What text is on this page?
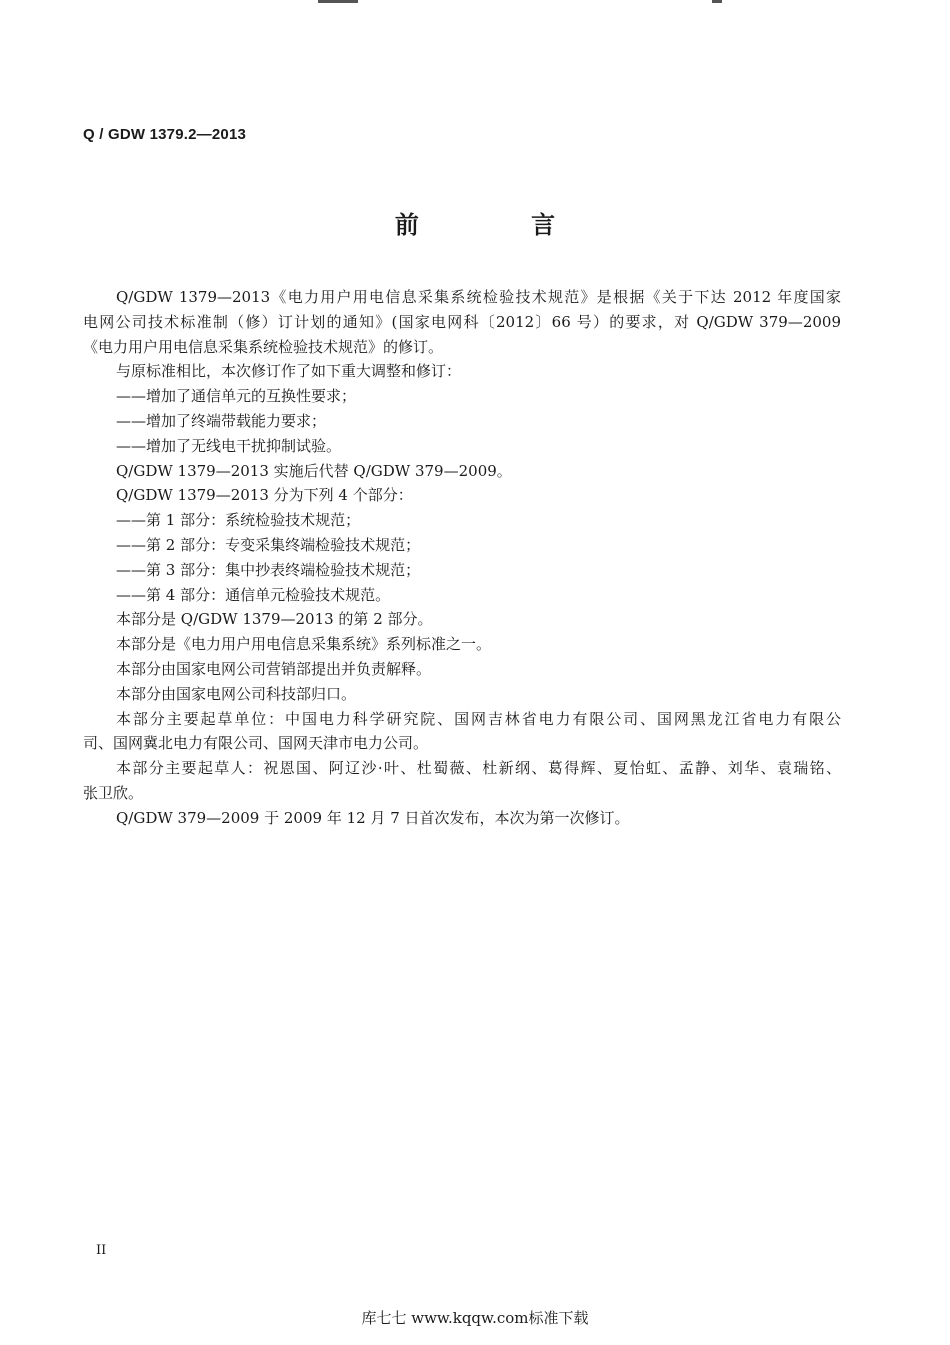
Q / GDW 1379.2—2013
前 言
Q/GDW 1379—2013《电力用户用电信息采集系统检验技术规范》是根据《关于下达 2012 年度国家
电网公司技术标准制（修）订计划的通知》(国家电网科〔2012〕66 号）的要求，对 Q/GDW 379—2009
《电力用户用电信息采集系统检验技术规范》的修订。
与原标准相比，本次修订作了如下重大调整和修订：
——增加了通信单元的互换性要求；
——增加了终端带载能力要求；
——增加了无线电干扰抑制试验。
Q/GDW 1379—2013 实施后代替 Q/GDW 379—2009。
Q/GDW 1379—2013 分为下列 4 个部分：
——第 1 部分：系统检验技术规范；
——第 2 部分：专变采集终端检验技术规范；
——第 3 部分：集中抄表终端检验技术规范；
——第 4 部分：通信单元检验技术规范。
本部分是 Q/GDW 1379—2013 的第 2 部分。
本部分是《电力用户用电信息采集系统》系列标准之一。
本部分由国家电网公司营销部提出并负责解释。
本部分由国家电网公司科技部归口。
本部分主要起草单位：中国电力科学研究院、国网吉林省电力有限公司、国网黑龙江省电力有限公
司、国网冀北电力有限公司、国网天津市电力公司。
本部分主要起草人：祝恩国、阿辽沙·叶、杜蜀薇、杜新纲、葛得辉、夏怡虹、孟静、刘华、袁瑞铭、
张卫欣。
Q/GDW 379—2009 于 2009 年 12 月 7 日首次发布，本次为第一次修订。
II
库七七 www.kqqw.com标准下载
